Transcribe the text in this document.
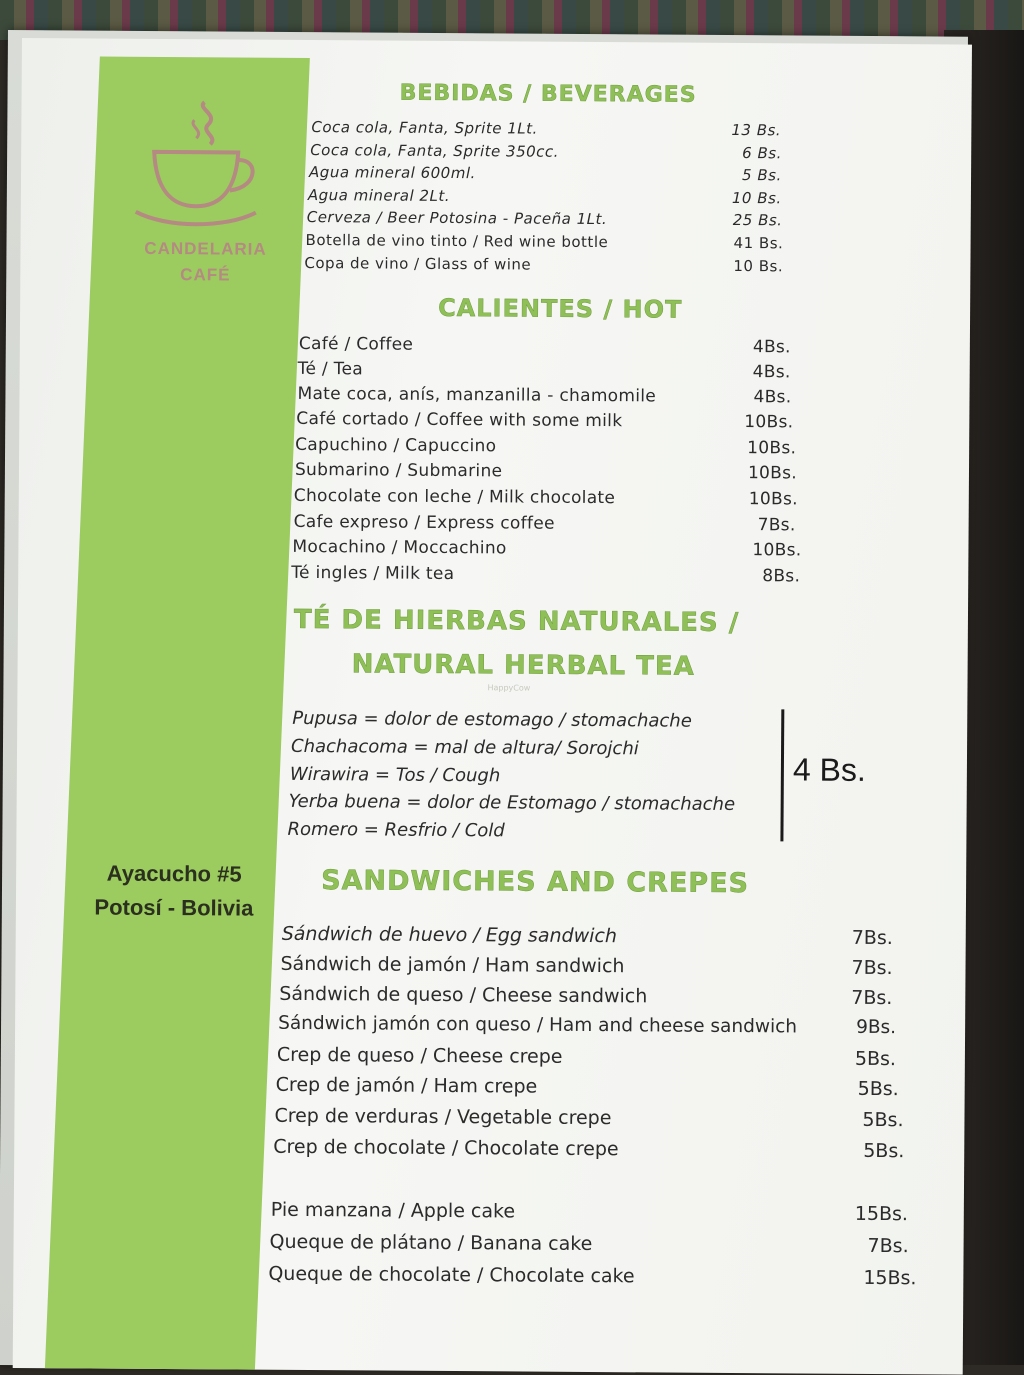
CANDELARIA
CAFÉ
Ayacucho #5
Potosí - Bolivia
BEBIDAS / BEVERAGES
Coca cola, Fanta, Sprite 1Lt.	13 Bs.
Coca cola, Fanta, Sprite 350cc.	6 Bs.
Agua mineral 600ml.	5 Bs.
Agua mineral 2Lt.	10 Bs.
Cerveza / Beer Potosina - Paceña 1Lt.	25 Bs.
Botella de vino tinto / Red wine bottle	41 Bs.
Copa de vino / Glass of wine	10 Bs.
CALIENTES / HOT
Café / Coffee	4Bs.
Té / Tea	4Bs.
Mate coca, anís, manzanilla - chamomile	4Bs.
Café cortado / Coffee with some milk	10Bs.
Capuchino / Capuccino	10Bs.
Submarino / Submarine	10Bs.
Chocolate con leche / Milk chocolate	10Bs.
Cafe expreso / Express coffee	7Bs.
Mocachino / Moccachino	10Bs.
Té ingles / Milk tea	8Bs.
TÉ DE HIERBAS NATURALES /
NATURAL HERBAL TEA
HappyCow
Pupusa = dolor de estomago / stomachache
Chachacoma = mal de altura/ Sorojchi
Wirawira = Tos / Cough
Yerba buena = dolor de Estomago / stomachache
Romero = Resfrio / Cold
4 Bs.
SANDWICHES AND CREPES
Sándwich de huevo / Egg sandwich	7Bs.
Sándwich de jamón / Ham sandwich	7Bs.
Sándwich de queso / Cheese sandwich	7Bs.
Sándwich jamón con queso / Ham and cheese sandwich	9Bs.
Crep de queso / Cheese crepe	5Bs.
Crep de jamón / Ham crepe	5Bs.
Crep de verduras / Vegetable crepe	5Bs.
Crep de chocolate / Chocolate crepe	5Bs.
Pie manzana / Apple cake	15Bs.
Queque de plátano / Banana cake	7Bs.
Queque de chocolate / Chocolate cake	15Bs.
